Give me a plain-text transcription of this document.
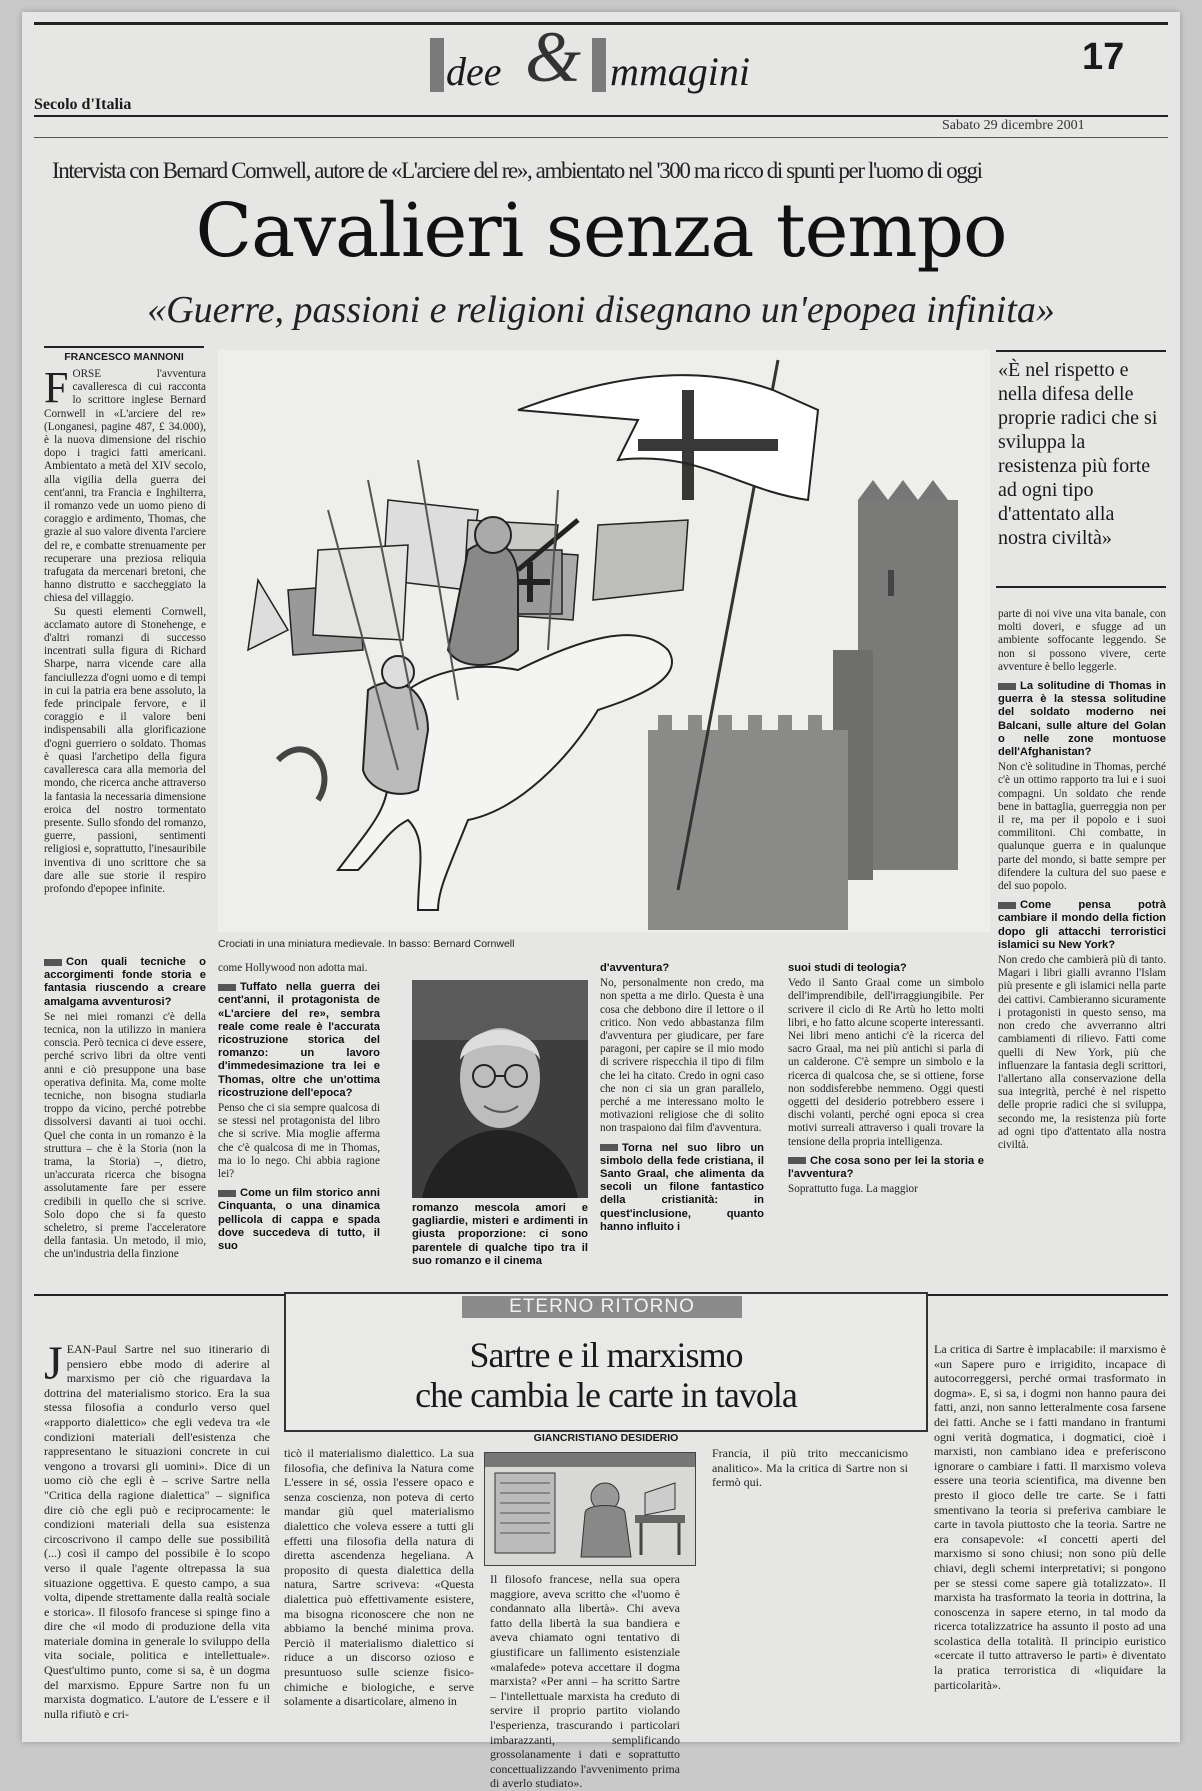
dee & mmagini	17
Secolo d'Italia
Sabato 29 dicembre 2001
Intervista con Bernard Cornwell, autore de «L'arciere del re», ambientato nel '300 ma ricco di spunti per l'uomo di oggi
Cavalieri senza tempo
«Guerre, passioni e religioni disegnano un'epopea infinita»
FRANCESCO MANNONI
F ORSE l'avventura cavalleresca di cui racconta lo scrittore inglese Bernard Cornwell in «L'arciere del re» (Longanesi, pagine 487, £ 34.000), è la nuova dimensione del rischio dopo i tragici fatti americani. Ambientato a metà del XIV secolo, alla vigilia della guerra dei cent'anni, tra Francia e Inghilterra, il romanzo vede un uomo pieno di coraggio e ardimento, Thomas, che grazie al suo valore diventa l'arciere del re, e combatte strenuamente per recuperare una preziosa reliquia trafugata da mercenari bretoni, che hanno distrutto e saccheggiato la chiesa del villaggio.

Su questi elementi Cornwell, acclamato autore di Stonehenge, e d'altri romanzi di successo incentrati sulla figura di Richard Sharpe, narra vicende care alla fanciullezza d'ogni uomo e di tempi in cui la patria era bene assoluto, la fede principale fervore, e il coraggio e il valore beni indispensabili alla glorificazione d'ogni guerriero o soldato. Thomas è quasi l'archetipo della figura cavalleresca cara alla memoria del mondo, che ricerca anche attraverso la fantasia la necessaria dimensione eroica del nostro tormentato presente. Sullo sfondo del romanzo, guerre, passioni, sentimenti religiosi e, soprattutto, l'inesauribile inventiva di uno scrittore che sa dare alle sue storie il respiro profondo d'epopee infinite.

Crociati in una miniatura medievale. In basso: Bernard Cornwell
«È nel rispetto e nella difesa delle proprie radici che si sviluppa la resistenza più forte ad ogni tipo d'attentato alla nostra civiltà»

parte di noi vive una vita banale, con molti doveri, e sfugge ad un ambiente soffocante leggendo. Se non si possono vivere, certe avventure è bello leggerle.

La solitudine di Thomas in guerra è la stessa solitudine del soldato moderno nei Balcani, sulle alture del Golan o nelle zone montuose dell'Afghanistan?

Non c'è solitudine in Thomas, perché c'è un ottimo rapporto tra lui e i suoi compagni. Un soldato che rende bene in battaglia, guerreggia non per il re, ma per il popolo e i suoi commilitoni. Chi combatte, in qualunque guerra e in qualunque parte del mondo, si batte sempre per difendere la cultura del suo paese e del suo popolo.

Come pensa potrà cambiare il mondo della fiction dopo gli attacchi terroristici islamici su New York?

Non credo che cambierà più di tanto. Magari i libri gialli avranno l'Islam più presente e gli islamici nella parte dei cattivi. Cambieranno sicuramente i protagonisti in questo senso, ma non credo che avverranno altri cambiamenti di rilievo. Fatti come quelli di New York, più che influenzare la fantasia degli scrittori, l'allertano alla conservazione della sua integrità, perché è nel rispetto delle proprie radici che si sviluppa, secondo me, la resistenza più forte ad ogni tipo d'attentato alla nostra civiltà.

Con quali tecniche o accorgimenti fonde storia e fantasia riuscendo a creare amalgama avventurosi?

Se nei miei romanzi c'è della tecnica, non la utilizzo in maniera conscia. Però tecnica ci deve essere, perché scrivo libri da oltre venti anni e ciò presuppone una base operativa definita. Ma, come molte tecniche, non bisogna studiarla troppo da vicino, perché potrebbe dissolversi davanti ai tuoi occhi. Quel che conta in un romanzo è la struttura – che è la Storia (non la trama, la Storia) –, dietro, un'accurata ricerca che bisogna assolutamente fare per essere credibili in quello che si scrive. Solo dopo che si fa questo scheletro, si preme l'acceleratore della fantasia. Un metodo, il mio, che un'industria della finzione

come Hollywood non adotta mai.

Tuffato nella guerra dei cent'anni, il protagonista de «L'arciere del re», sembra reale come reale è l'accurata ricostruzione storica del romanzo: un lavoro d'immedesimazione tra lei e Thomas, oltre che un'ottima ricostruzione dell'epoca?

Penso che ci sia sempre qualcosa di se stessi nel protagonista del libro che si scrive. Mia moglie afferma che c'è qualcosa di me in Thomas, ma io lo nego. Chi abbia ragione lei?

Come un film storico anni Cinquanta, o una dinamica pellicola di cappa e spada dove succedeva di tutto, il suo
romanzo mescola amori e gagliardie, misteri e ardimenti in giusta proporzione: ci sono parentele di qualche tipo tra il suo romanzo e il cinema
d'avventura?

No, personalmente non credo, ma non spetta a me dirlo. Questa è una cosa che debbono dire il lettore o il critico. Non vedo abbastanza film d'avventura per giudicare, per fare paragoni, per capire se il mio modo di scrivere rispecchia il tipo di film che lei ha citato. Credo in ogni caso che non ci sia un gran parallelo, perché a me interessano molto le motivazioni religiose che di solito non traspaiono dai film d'avventura.

Torna nel suo libro un simbolo della fede cristiana, il Santo Graal, che alimenta da secoli un filone fantastico della cristianità: in quest'inclusione, quanto hanno influito i
suoi studi di teologia?

Vedo il Santo Graal come un simbolo dell'imprendibile, dell'irraggiungibile. Per scrivere il ciclo di Re Artù ho letto molti libri, e ho fatto alcune scoperte interessanti. Nei libri meno antichi c'è la ricerca del sacro Graal, ma nei più antichi si parla di un calderone. C'è sempre un simbolo e la ricerca di qualcosa che, se si ottiene, forse non soddisferebbe nemmeno. Oggi questi oggetti del desiderio potrebbero essere i dischi volanti, perché ogni epoca si crea motivi surreali attraverso i quali trovare la tensione della propria intelligenza.

Che cosa sono per lei la storia e l'avventura?

Soprattutto fuga. La maggior

ETERNO RITORNO
Sartre e il marxismo
che cambia le carte in tavola
GIANCRISTIANO DESIDERIO
J EAN-Paul Sartre nel suo itinerario di pensiero ebbe modo di aderire al marxismo per ciò che riguardava la dottrina del materialismo storico. Era la sua stessa filosofia a condurlo verso quel «rapporto dialettico» che egli vedeva tra «le condizioni materiali dell'esistenza che rappresentano le situazioni concrete in cui vengono a trovarsi gli uomini». Dice di un uomo ciò che egli è – scrive Sartre nella "Critica della ragione dialettica" – significa dire ciò che egli può e reciprocamente: le condizioni materiali della sua esistenza circoscrivono il campo delle sue possibilità (...) così il campo del possibile è lo scopo verso il quale l'agente oltrepassa la sua situazione oggettiva. E questo campo, a sua volta, dipende strettamente dalla realtà sociale e storica». Il filosofo francese si spinge fino a dire che «il modo di produzione della vita materiale domina in generale lo sviluppo della vita sociale, politica e intellettuale». Quest'ultimo punto, come si sa, è un dogma del marxismo. Eppure Sartre non fu un marxista dogmatico. L'autore de L'essere e il nulla rifiutò e cri-

ticò il materialismo dialettico. La sua filosofia, che definiva la Natura come L'essere in sé, ossia l'essere opaco e senza coscienza, non poteva di certo mandar giù quel materialismo dialettico che voleva essere a tutti gli effetti una filosofia della natura di diretta ascendenza hegeliana. A proposito di questa dialettica della natura, Sartre scriveva: «Questa dialettica può effettivamente esistere, ma bisogna riconoscere che non ne abbiamo la benché minima prova. Perciò il materialismo dialettico si riduce a un discorso ozioso e presuntuoso sulle scienze fisico-chimiche e biologiche, e serve solamente a disarticolare, almeno in

Il filosofo francese, nella sua opera maggiore, aveva scritto che «l'uomo è condannato alla libertà». Chi aveva fatto della libertà la sua bandiera e aveva chiamato ogni tentativo di giustificare un fallimento esistenziale «malafede» poteva accettare il dogma marxista? «Per anni – ha scritto Sartre – l'intellettuale marxista ha creduto di servire il proprio partito violando l'esperienza, trascurando i particolari imbarazzanti, semplificando grossolanamente i dati e soprattutto concettualizzando l'avvenimento prima di averlo studiato».

Francia, il più trito meccanicismo analitico». Ma la critica di Sartre non si fermò qui.

La critica di Sartre è implacabile: il marxismo è «un Sapere puro e irrigidito, incapace di autocorreggersi, perché ormai trasformato in dogma». E, si sa, i dogmi non hanno paura dei fatti, anzi, non sanno letteralmente cosa farsene dei fatti. Anche se i fatti mandano in frantumi ogni verità dogmatica, i dogmatici, cioè i marxisti, non cambiano idea e preferiscono ignorare o cambiare i fatti. Il marxismo voleva essere una teoria scientifica, ma divenne ben presto il gioco delle tre carte. Se i fatti smentivano la teoria si preferiva cambiare le carte in tavola piuttosto che la teoria. Sartre ne era consapevole: «I concetti aperti del marxismo si sono chiusi; non sono più delle chiavi, degli schemi interpretativi; si pongono per se stessi come sapere già totalizzato». Il marxista ha trasformato la teoria in dottrina, la conoscenza in sapere eterno, in tal modo da ricerca totalizzatrice ha assunto il posto ad una scolastica della totalità. Il principio euristico «cercate il tutto attraverso le parti» è diventato la pratica terroristica di «liquidare la particolarità».
